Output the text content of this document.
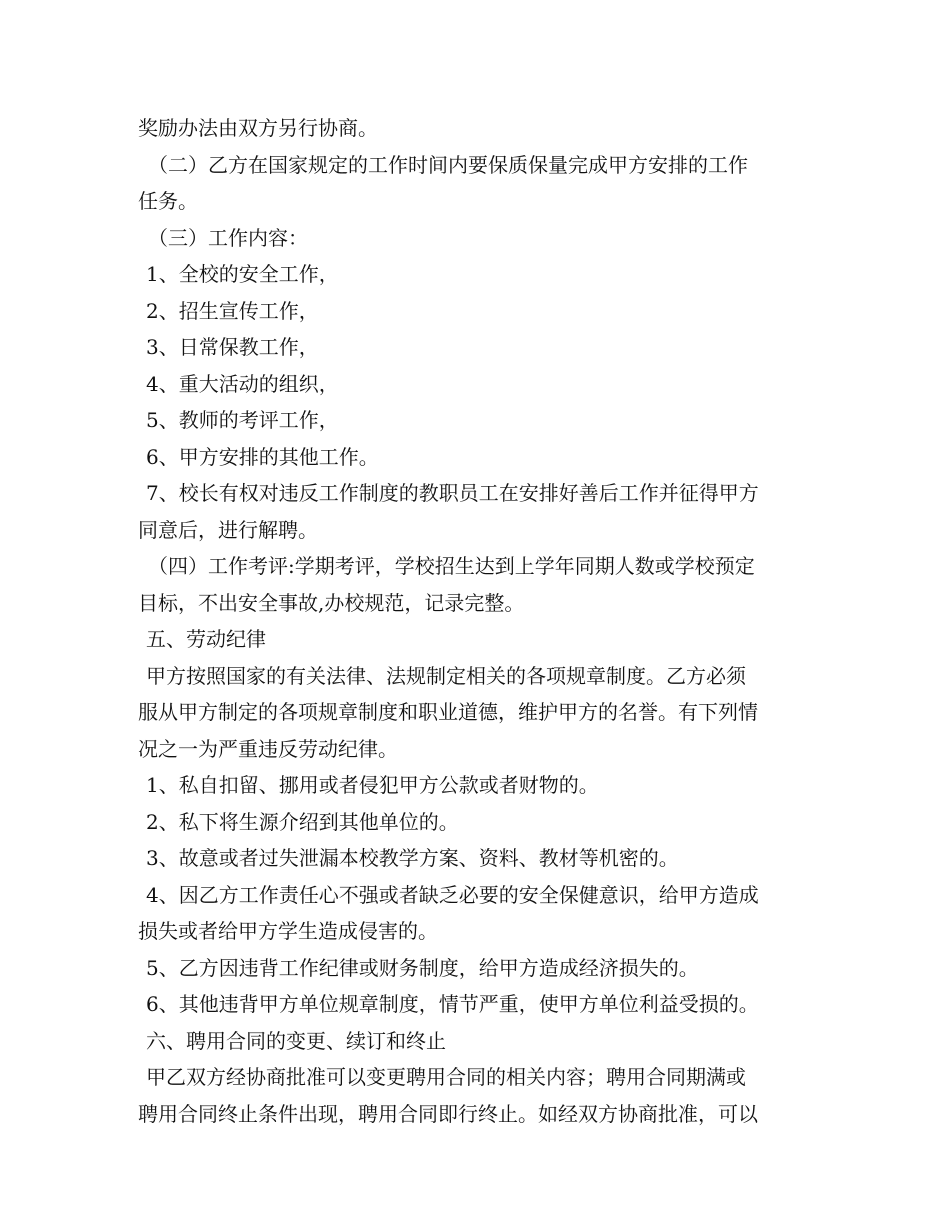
奖励办法由双方另行协商。
（二）乙方在国家规定的工作时间内要保质保量完成甲方安排的工作
任务。
（三）工作内容：
1、全校的安全工作，
2、招生宣传工作，
3、日常保教工作，
4、重大活动的组织，
5、教师的考评工作，
6、甲方安排的其他工作。
7、校长有权对违反工作制度的教职员工在安排好善后工作并征得甲方
同意后，进行解聘。
（四）工作考评:学期考评，学校招生达到上学年同期人数或学校预定
目标，不出安全事故,办校规范，记录完整。
五、劳动纪律
甲方按照国家的有关法律、法规制定相关的各项规章制度。乙方必须
服从甲方制定的各项规章制度和职业道德，维护甲方的名誉。有下列情
况之一为严重违反劳动纪律。
1、私自扣留、挪用或者侵犯甲方公款或者财物的。
2、私下将生源介绍到其他单位的。
3、故意或者过失泄漏本校教学方案、资料、教材等机密的。
4、因乙方工作责任心不强或者缺乏必要的安全保健意识，给甲方造成
损失或者给甲方学生造成侵害的。
5、乙方因违背工作纪律或财务制度，给甲方造成经济损失的。
6、其他违背甲方单位规章制度，情节严重，使甲方单位利益受损的。
六、聘用合同的变更、续订和终止
甲乙双方经协商批准可以变更聘用合同的相关内容；聘用合同期满或
聘用合同终止条件出现，聘用合同即行终止。如经双方协商批准，可以
